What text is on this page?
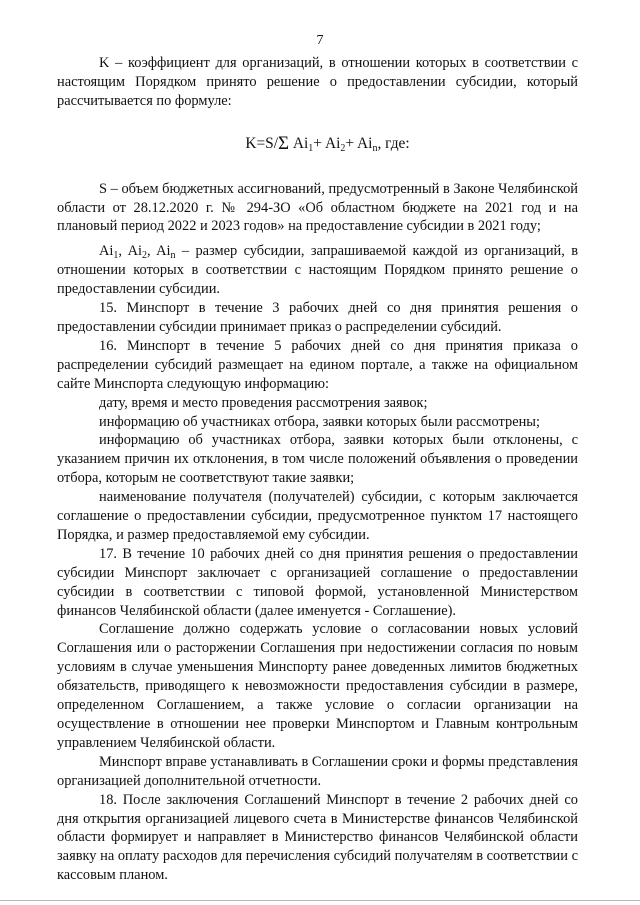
7

K – коэффициент для организаций, в отношении которых в соответствии с настоящим Порядком принято решение о предоставлении субсидии, который рассчитывается по формуле:

K=S/Σ $Ai_1+ Ai_2+ Ai_n$, где:

S – объем бюджетных ассигнований, предусмотренный в Законе Челябинской области от 28.12.2020 г. № 294-ЗО «Об областном бюджете на 2021 год и на плановый период 2022 и 2023 годов» на предоставление субсидии в 2021 году;

$Ai_1$, $Ai_2$, $Ai_n$ – размер субсидии, запрашиваемой каждой из организаций, в отношении которых в соответствии с настоящим Порядком принято решение о предоставлении субсидии.

15. Минспорт в течение 3 рабочих дней со дня принятия решения о предоставлении субсидии принимает приказ о распределении субсидий.

16. Минспорт в течение 5 рабочих дней со дня принятия приказа о распределении субсидий размещает на едином портале, а также на официальном сайте Минспорта следующую информацию:

дату, время и место проведения рассмотрения заявок;

информацию об участниках отбора, заявки которых были рассмотрены;

информацию об участниках отбора, заявки которых были отклонены, с указанием причин их отклонения, в том числе положений объявления о проведении отбора, которым не соответствуют такие заявки;

наименование получателя (получателей) субсидии, с которым заключается соглашение о предоставлении субсидии, предусмотренное пунктом 17 настоящего Порядка, и размер предоставляемой ему субсидии.

17. В течение 10 рабочих дней со дня принятия решения о предоставлении субсидии Минспорт заключает с организацией соглашение о предоставлении субсидии в соответствии с типовой формой, установленной Министерством финансов Челябинской области (далее именуется - Соглашение).

Соглашение должно содержать условие о согласовании новых условий Соглашения или о расторжении Соглашения при недостижении согласия по новым условиям в случае уменьшения Минспорту ранее доведенных лимитов бюджетных обязательств, приводящего к невозможности предоставления субсидии в размере, определенном Соглашением, а также условие о согласии организации на осуществление в отношении нее проверки Минспортом и Главным контрольным управлением Челябинской области.

Минспорт вправе устанавливать в Соглашении сроки и формы представления организацией дополнительной отчетности.

18. После заключения Соглашений Минспорт в течение 2 рабочих дней со дня открытия организацией лицевого счета в Министерстве финансов Челябинской области формирует и направляет в Министерство финансов Челябинской области заявку на оплату расходов для перечисления субсидий получателям в соответствии с кассовым планом.
